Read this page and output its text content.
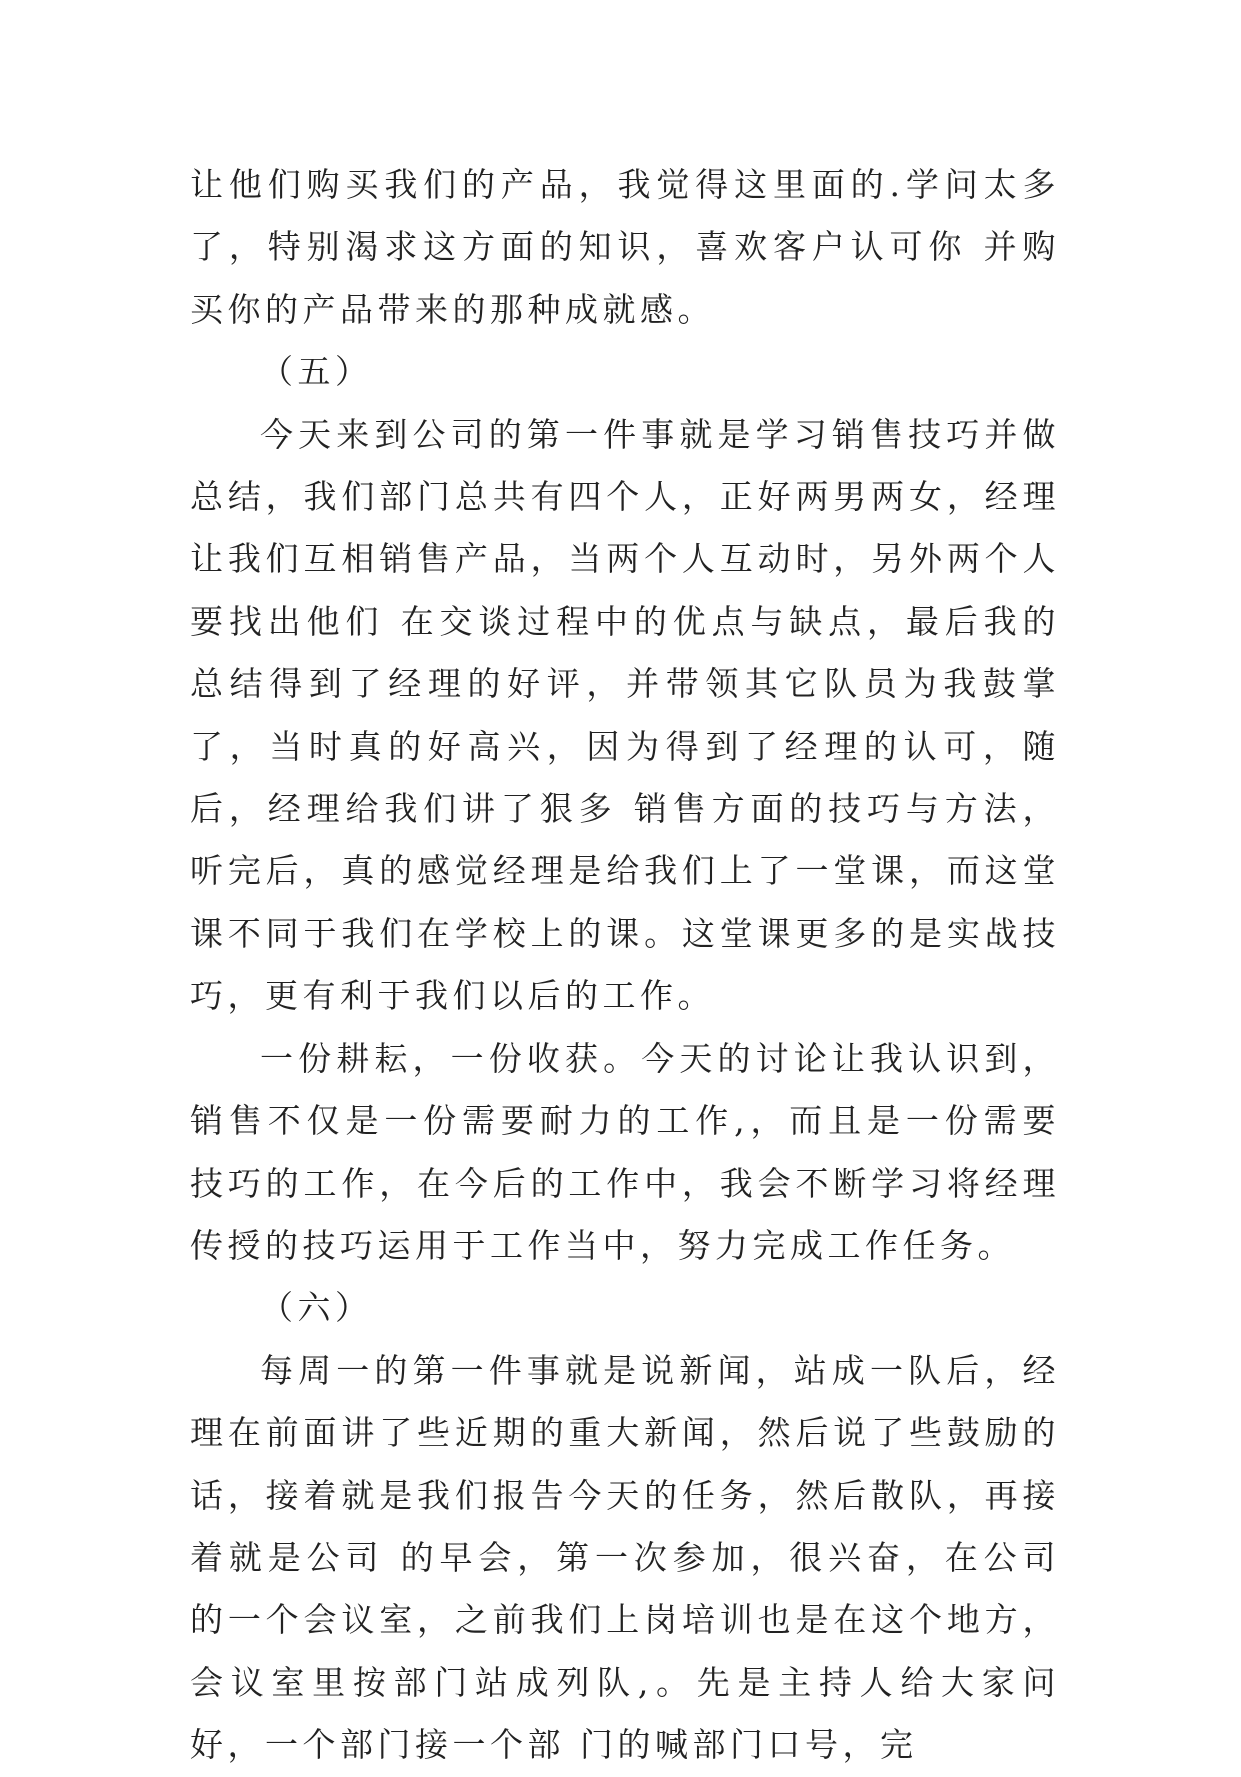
让他们购买我们的产品，我觉得这里面的.学问太多了，特别渴求这方面的知识，喜欢客户认可你 并购买你的产品带来的那种成就感。

（五）

今天来到公司的第一件事就是学习销售技巧并做总结，我们部门总共有四个人，正好两男两女，经理让我们互相销售产品，当两个人互动时，另外两个人要找出他们 在交谈过程中的优点与缺点，最后我的总结得到了经理的好评，并带领其它队员为我鼓掌了，当时真的好高兴，因为得到了经理的认可，随后，经理给我们讲了狠多 销售方面的技巧与方法，听完后，真的感觉经理是给我们上了一堂课，而这堂课不同于我们在学校上的课。这堂课更多的是实战技巧，更有利于我们以后的工作。

一份耕耘，一份收获。今天的讨论让我认识到，销售不仅是一份需要耐力的工作,，而且是一份需要技巧的工作，在今后的工作中，我会不断学习将经理传授的技巧运用于工作当中，努力完成工作任务。

（六）

每周一的第一件事就是说新闻，站成一队后，经理在前面讲了些近期的重大新闻，然后说了些鼓励的话，接着就是我们报告今天的任务，然后散队，再接着就是公司 的早会，第一次参加，很兴奋，在公司的一个会议室，之前我们上岗培训也是在这个地方，会议室里按部门站成列队,。先是主持人给大家问好，一个部门接一个部 门的喊部门口号，完
